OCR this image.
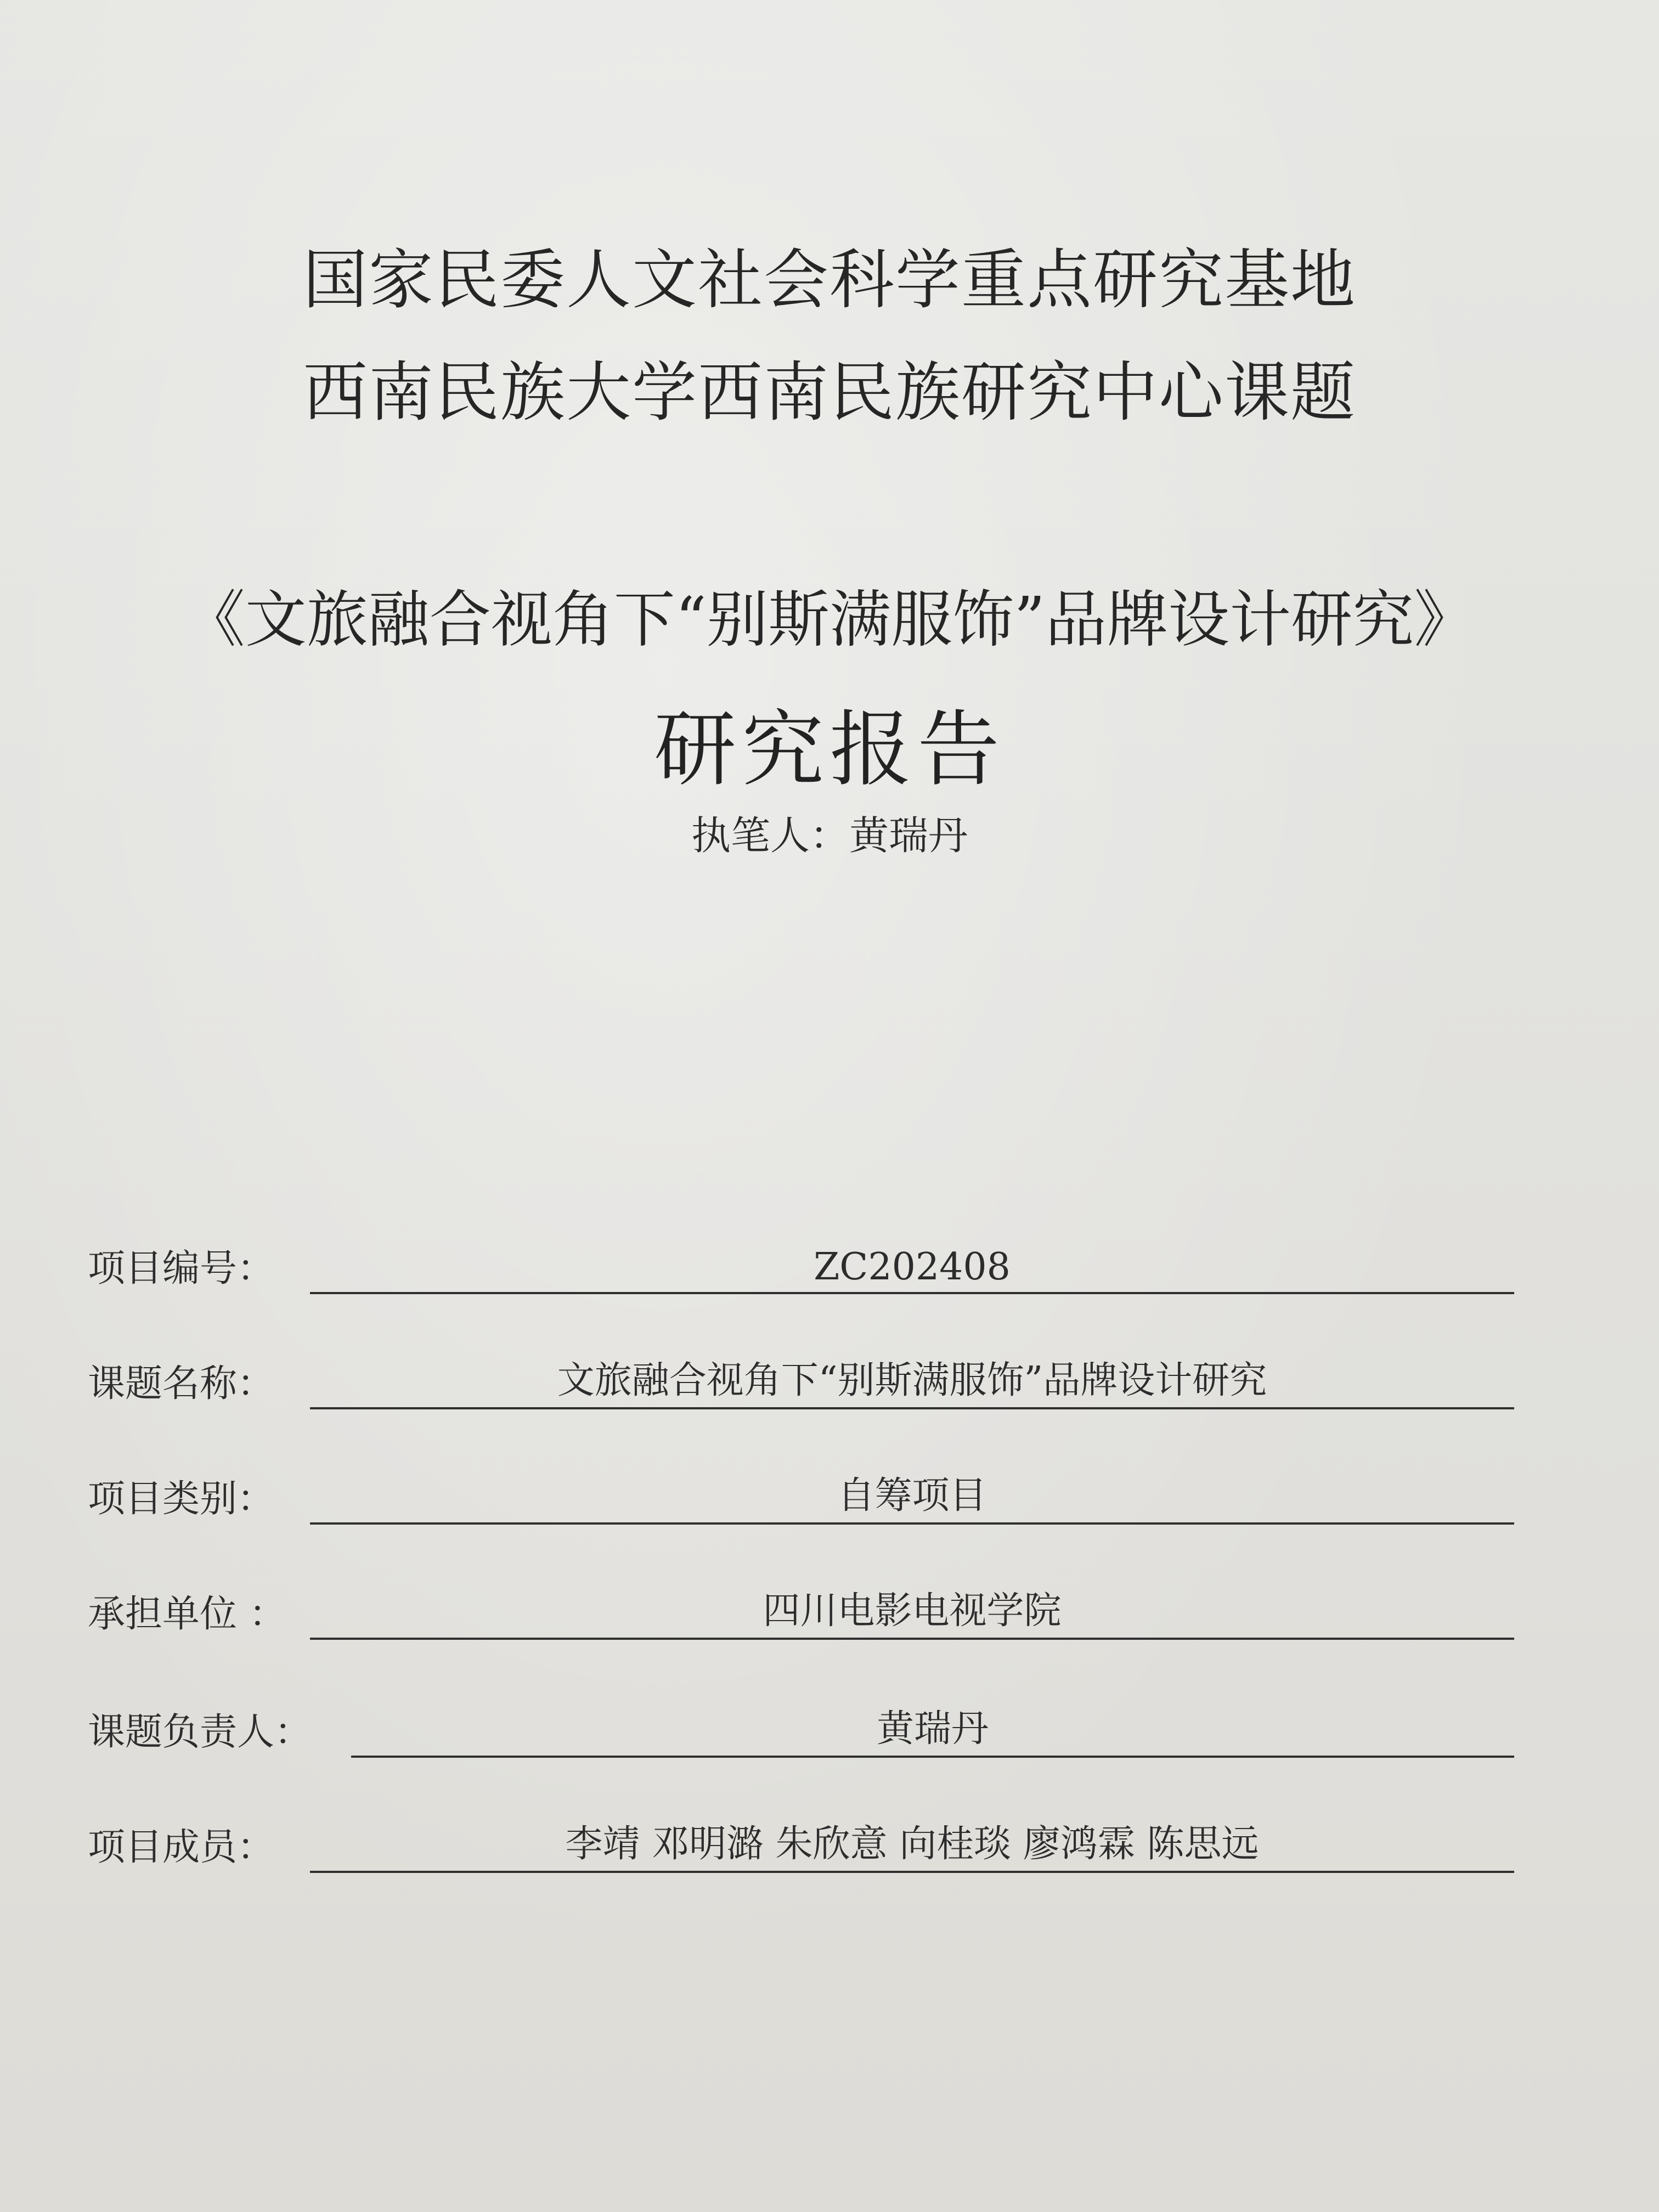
国家民委人文社会科学重点研究基地
西南民族大学西南民族研究中心课题
《文旅融合视角下“别斯满服饰”品牌设计研究》
研究报告
执笔人：黄瑞丹
项目编号：	ZC202408
课题名称：	文旅融合视角下“别斯满服饰”品牌设计研究
项目类别：	自筹项目
承担单位 ：	四川电影电视学院
课题负责人：	黄瑞丹
项目成员：	李靖 邓明潞 朱欣意 向桂琰 廖鸿霖 陈思远
